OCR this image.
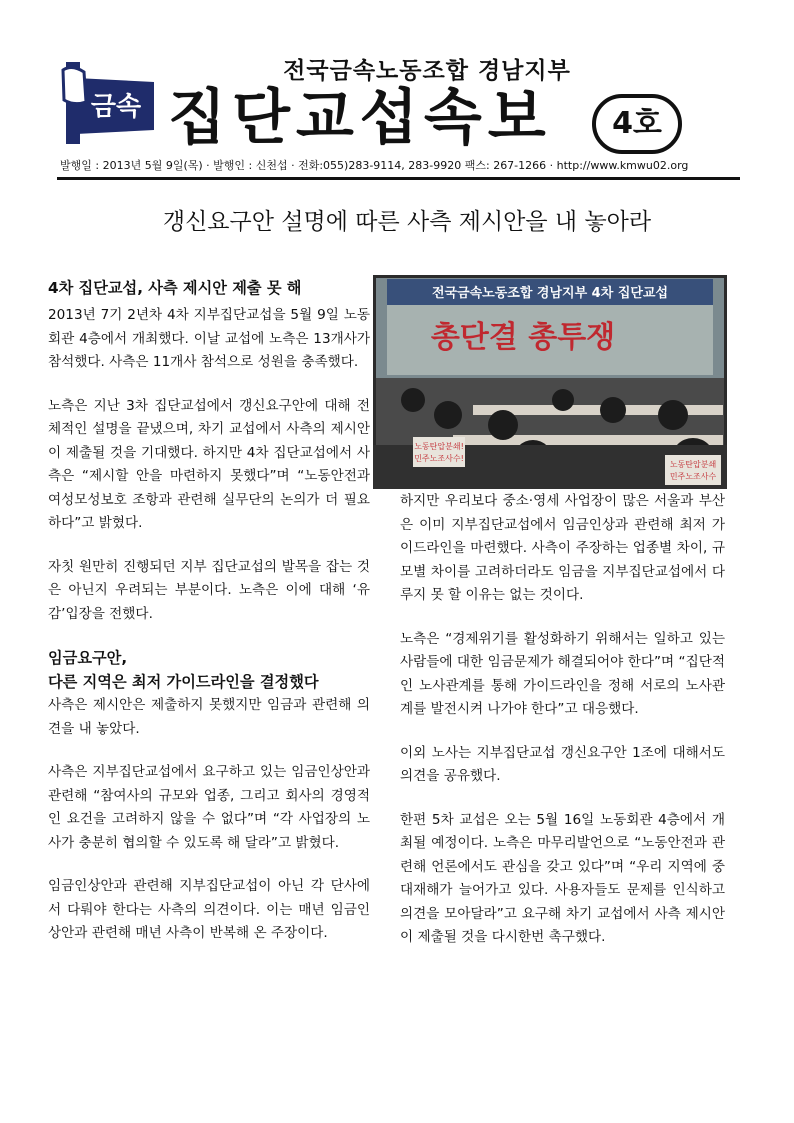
금속
전국금속노동조합 경남지부
집단교섭속보	4호
발행일 : 2013년 5월 9일(목) · 발행인 : 신천섭 · 전화:055)283-9114, 283-9920 팩스: 267-1266 · http://www.kmwu02.org
갱신요구안 설명에 따른 사측 제시안을 내 놓아라
4차 집단교섭, 사측 제시안 제출 못 해

2013년 7기 2년차 4차 지부집단교섭을 5월 9일 노동회관 4층에서 개최했다. 이날 교섭에 노측은 13개사가 참석했다. 사측은 11개사 참석으로 성원을 충족했다.

노측은 지난 3차 집단교섭에서 갱신요구안에 대해 전체적인 설명을 끝냈으며, 차기 교섭에서 사측의 제시안이 제출될 것을 기대했다. 하지만 4차 집단교섭에서 사측은 “제시할 안을 마련하지 못했다”며 “노동안전과 여성모성보호 조항과 관련해 실무단의 논의가 더 필요하다”고 밝혔다.

자칫 원만히 진행되던 지부 집단교섭의 발목을 잡는 것은 아닌지 우려되는 부분이다. 노측은 이에 대해 ‘유감’입장을 전했다.

임금요구안,
다른 지역은 최저 가이드라인을 결정했다

사측은 제시안은 제출하지 못했지만 임금과 관련해 의견을 내 놓았다.

사측은 지부집단교섭에서 요구하고 있는 임금인상안과 관련해 “참여사의 규모와 업종, 그리고 회사의 경영적인 요건을 고려하지 않을 수 없다”며 “각 사업장의 노사가 충분히 협의할 수 있도록 해 달라”고 밝혔다.

임금인상안과 관련해 지부집단교섭이 아닌 각 단사에서 다뤄야 한다는 사측의 의견이다. 이는 매년 임금인상안과 관련해 매년 사측이 반복해 온 주장이다.

전국금속노동조합 경남지부 4차 집단교섭
총단결 총투쟁
노동탄압분쇄!
민주노조사수!
노동탄압분쇄
민주노조사수

하지만 우리보다 중소·영세 사업장이 많은 서울과 부산은 이미 지부집단교섭에서 임금인상과 관련해 최저 가이드라인을 마련했다. 사측이 주장하는 업종별 차이, 규모별 차이를 고려하더라도 임금을 지부집단교섭에서 다루지 못 할 이유는 없는 것이다.

노측은 “경제위기를 활성화하기 위해서는 일하고 있는 사람들에 대한 임금문제가 해결되어야 한다”며 “집단적인 노사관계를 통해 가이드라인을 정해 서로의 노사관계를 발전시켜 나가야 한다”고 대응했다.

이외 노사는 지부집단교섭 갱신요구안 1조에 대해서도 의견을 공유했다.

한편 5차 교섭은 오는 5월 16일 노동회관 4층에서 개최될 예정이다. 노측은 마무리발언으로 “노동안전과 관련해 언론에서도 관심을 갖고 있다”며 “우리 지역에 중대재해가 늘어가고 있다. 사용자들도 문제를 인식하고 의견을 모아달라”고 요구해 차기 교섭에서 사측 제시안이 제출될 것을 다시한번 촉구했다.
